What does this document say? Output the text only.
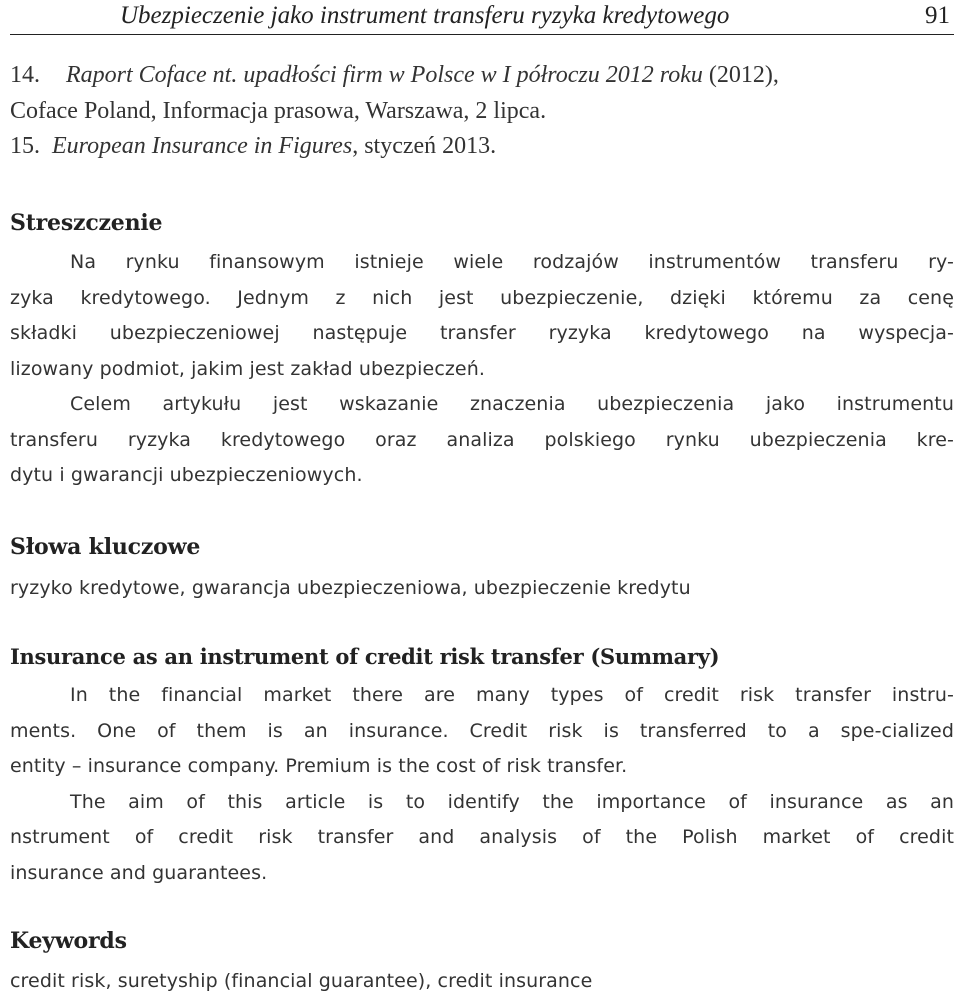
Ubezpieczenie jako instrument transferu ryzyka kredytowego	91
14. Raport Coface nt. upadłości firm w Polsce w I półroczu 2012 roku (2012),
Coface Poland, Informacja prasowa, Warszawa, 2 lipca.
15. European Insurance in Figures, styczeń 2013.
Streszczenie
Na rynku finansowym istnieje wiele rodzajów instrumentów transferu ry-
zyka kredytowego. Jednym z nich jest ubezpieczenie, dzięki któremu za cenę
składki ubezpieczeniowej następuje transfer ryzyka kredytowego na wyspecja-
lizowany podmiot, jakim jest zakład ubezpieczeń.
Celem artykułu jest wskazanie znaczenia ubezpieczenia jako instrumentu
transferu ryzyka kredytowego oraz analiza polskiego rynku ubezpieczenia kre-
dytu i gwarancji ubezpieczeniowych.
Słowa kluczowe
ryzyko kredytowe, gwarancja ubezpieczeniowa, ubezpieczenie kredytu
Insurance as an instrument of credit risk transfer (Summary)
In the financial market there are many types of credit risk transfer instru-
ments. One of them is an insurance. Credit risk is transferred to a spe-cialized
entity – insurance company. Premium is the cost of risk transfer.
The aim of this article is to identify the importance of insurance as an
nstrument of credit risk transfer and analysis of the Polish market of credit
insurance and guarantees.
Keywords
credit risk, suretyship (financial guarantee), credit insurance
